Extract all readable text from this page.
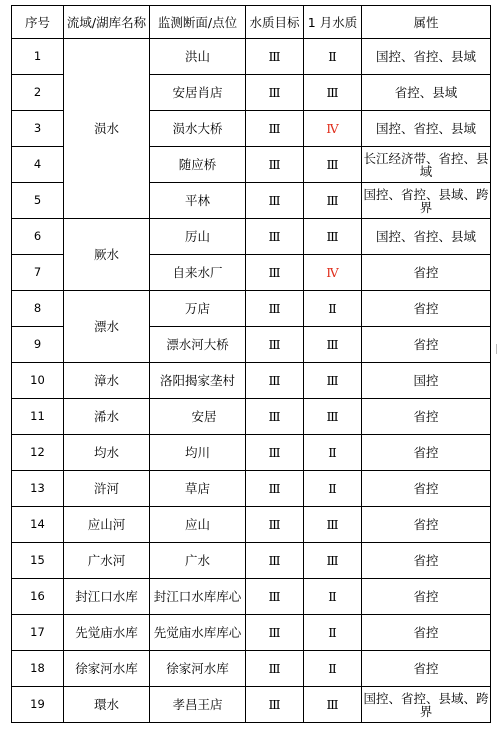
序号	流域/湖库名称	监测断面/点位	水质目标	1 月水质	属性
1	涢水	洪山	Ⅲ	Ⅱ	国控、省控、县域
2		安居肖店	Ⅲ	Ⅲ	省控、县域
3		涢水大桥	Ⅲ	Ⅳ	国控、省控、县域
4		随应桥	Ⅲ	Ⅲ	长江经济带、省控、县域
5		平林	Ⅲ	Ⅲ	国控、省控、县域、跨界
6	厥水	厉山	Ⅲ	Ⅲ	国控、省控、县域
7		自来水厂	Ⅲ	Ⅳ	省控
8	漂水	万店	Ⅲ	Ⅱ	省控
9		漂水河大桥	Ⅲ	Ⅲ	省控
10	漳水	洛阳揭家垄村	Ⅲ	Ⅲ	国控
11	浠水	安居	Ⅲ	Ⅲ	省控
12	均水	均川	Ⅲ	Ⅱ	省控
13	浒河	草店	Ⅲ	Ⅱ	省控
14	应山河	应山	Ⅲ	Ⅲ	省控
15	广水河	广水	Ⅲ	Ⅲ	省控
16	封江口水库	封江口水库库心	Ⅲ	Ⅱ	省控
17	先觉庙水库	先觉庙水库库心	Ⅲ	Ⅱ	省控
18	徐家河水库	徐家河水库	Ⅲ	Ⅱ	省控
19	環水	孝昌王店	Ⅲ	Ⅲ	国控、省控、县域、跨界
